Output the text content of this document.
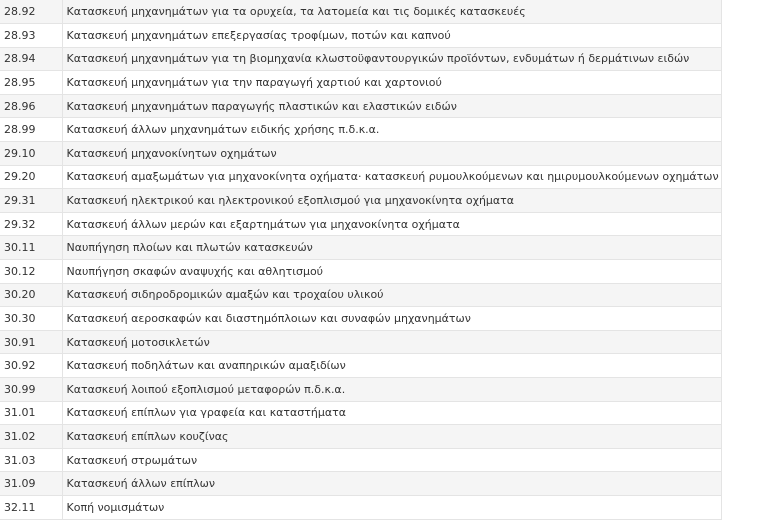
28.92	Κατασκευή μηχανημάτων για τα ορυχεία, τα λατομεία και τις δομικές κατασκευές
28.93	Κατασκευή μηχανημάτων επεξεργασίας τροφίμων, ποτών και καπνού
28.94	Κατασκευή μηχανημάτων για τη βιομηχανία κλωστοϋφαντουργικών προϊόντων, ενδυμάτων ή δερμάτινων ειδών
28.95	Κατασκευή μηχανημάτων για την παραγωγή χαρτιού και χαρτονιού
28.96	Κατασκευή μηχανημάτων παραγωγής πλαστικών και ελαστικών ειδών
28.99	Κατασκευή άλλων μηχανημάτων ειδικής χρήσης π.δ.κ.α.
29.10	Κατασκευή μηχανοκίνητων οχημάτων
29.20	Κατασκευή αμαξωμάτων για μηχανοκίνητα οχήματα· κατασκευή ρυμουλκούμενων και ημιρυμουλκούμενων οχημάτων
29.31	Κατασκευή ηλεκτρικού και ηλεκτρονικού εξοπλισμού για μηχανοκίνητα οχήματα
29.32	Κατασκευή άλλων μερών και εξαρτημάτων για μηχανοκίνητα οχήματα
30.11	Ναυπήγηση πλοίων και πλωτών κατασκευών
30.12	Ναυπήγηση σκαφών αναψυχής και αθλητισμού
30.20	Κατασκευή σιδηροδρομικών αμαξών και τροχαίου υλικού
30.30	Κατασκευή αεροσκαφών και διαστημόπλοιων και συναφών μηχανημάτων
30.91	Κατασκευή μοτοσικλετών
30.92	Κατασκευή ποδηλάτων και αναπηρικών αμαξιδίων
30.99	Κατασκευή λοιπού εξοπλισμού μεταφορών π.δ.κ.α.
31.01	Κατασκευή επίπλων για γραφεία και καταστήματα
31.02	Κατασκευή επίπλων κουζίνας
31.03	Κατασκευή στρωμάτων
31.09	Κατασκευή άλλων επίπλων
32.11	Κοπή νομισμάτων
